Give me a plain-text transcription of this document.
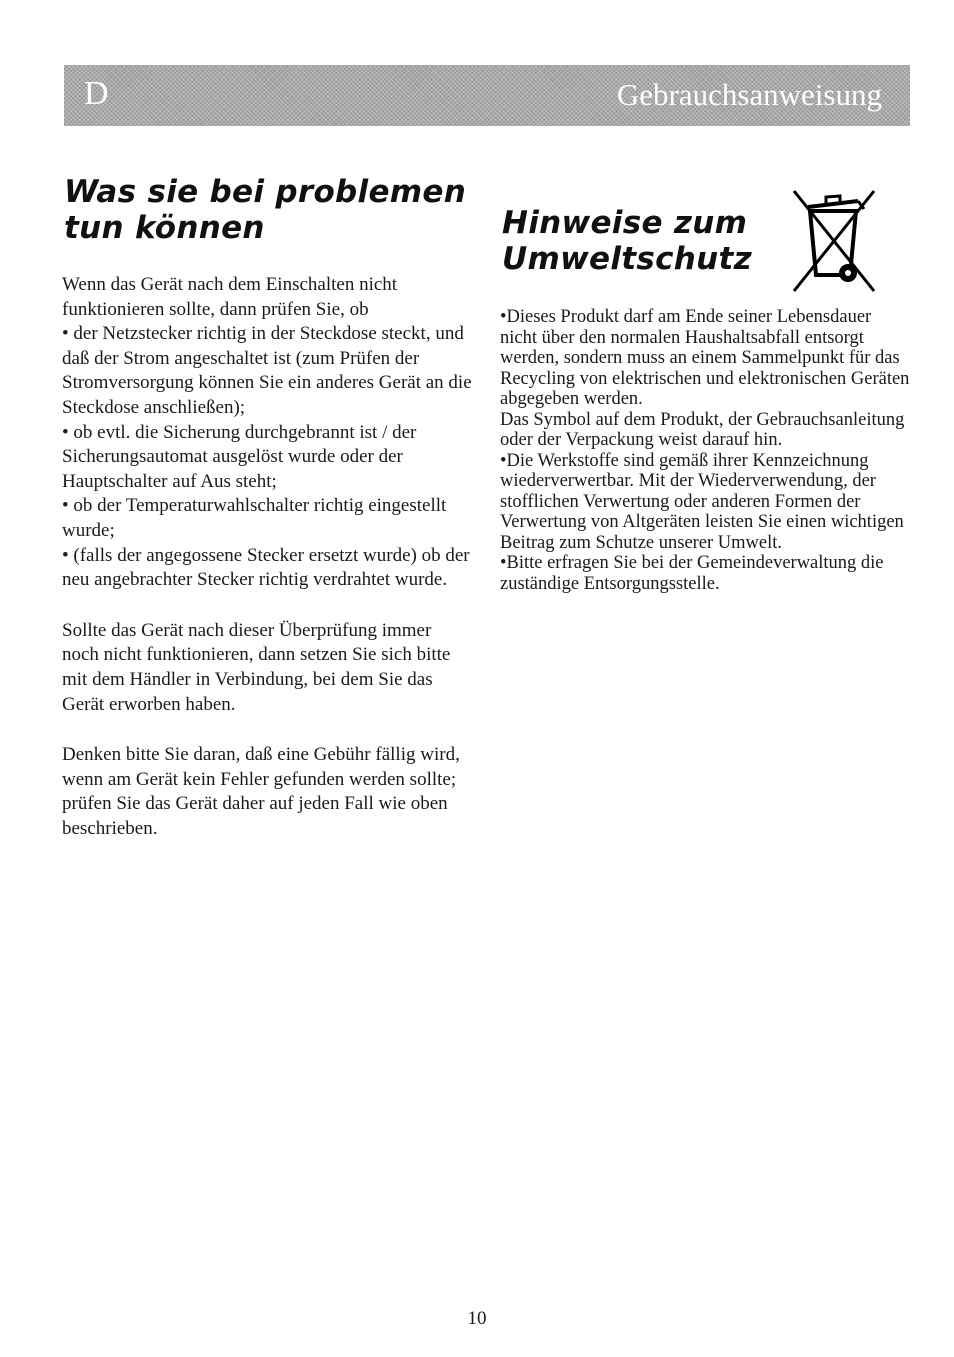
D	Gebrauchsanweisung
Was sie bei problemen
tun können

Wenn das Gerät nach dem Einschalten nicht funktionieren sollte, dann prüfen Sie, ob

• der Netzstecker richtig in der Steckdose steckt, und daß der Strom angeschaltet ist (zum Prüfen der Stromversorgung können Sie ein anderes Gerät an die Steckdose anschließen);

• ob evtl. die Sicherung durchgebrannt ist / der Sicherungsautomat ausgelöst wurde oder der Hauptschalter auf Aus steht;

• ob der Temperaturwahlschalter richtig eingestellt wurde;

• (falls der angegossene Stecker ersetzt wurde) ob der neu angebrachter Stecker richtig verdrahtet wurde.

Sollte das Gerät nach dieser Überprüfung immer noch nicht funktionieren, dann setzen Sie sich bitte mit dem Händler in Verbindung, bei dem Sie das Gerät erworben haben.

Denken bitte Sie daran, daß eine Gebühr fällig wird, wenn am Gerät kein Fehler gefunden werden sollte; prüfen Sie das Gerät daher auf jeden Fall wie oben beschrieben.

Hinweise zum
Umweltschutz

•Dieses Produkt darf am Ende seiner Lebensdauer nicht über den normalen Haushaltsabfall entsorgt werden, sondern muss an einem Sammelpunkt für das Recycling von elektrischen und elektronischen Geräten abgegeben werden.

Das Symbol auf dem Produkt, der Gebrauchsanleitung oder der Verpackung weist darauf hin.

•Die Werkstoffe sind gemäß ihrer Kennzeichnung wiederverwertbar. Mit der Wiederverwendung, der stofflichen Verwertung oder anderen Formen der Verwertung von Altgeräten leisten Sie einen wichtigen Beitrag zum Schutze unserer Umwelt.

•Bitte erfragen Sie bei der Gemeindeverwaltung die zuständige Entsorgungsstelle.

10
